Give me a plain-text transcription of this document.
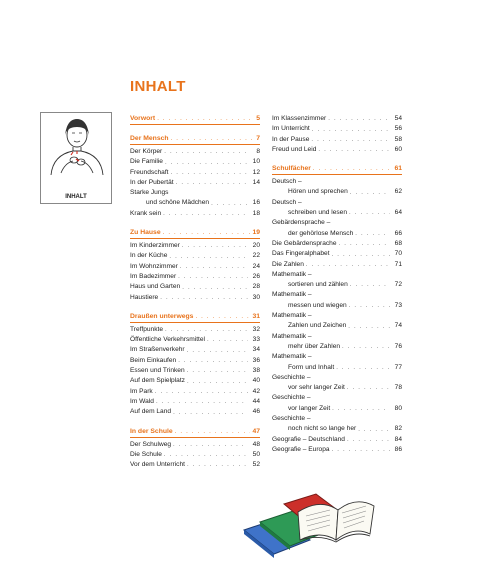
INHALT
INHALT
Vorwort . . .	5
Der Mensch . . .	7
Der Körper . . .	8
Die Familie . . .	10
Freundschaft . . .	12
In der Pubertät . . .	14
Starke Jungs
und schöne Mädchen . . .	16
Krank sein . . .	18
Zu Hause . . .	19
Im Kinderzimmer . . .	20
In der Küche . . .	22
Im Wohnzimmer . . .	24
Im Badezimmer . . .	26
Haus und Garten . . .	28
Haustiere . . .	30
Draußen unterwegs . . .	31
Treffpunkte . . .	32
Öffentliche Verkehrsmittel . . .	33
Im Straßenverkehr . . .	34
Beim Einkaufen . . .	36
Essen und Trinken . . .	38
Auf dem Spielplatz . . .	40
Im Park . . .	42
Im Wald . . .	44
Auf dem Land . . .	46
In der Schule . . .	47
Der Schulweg . . .	48
Die Schule . . .	50
Vor dem Unterricht . . .	52
Im Klassenzimmer . . .	54
Im Unterricht . . .	56
In der Pause . . .	58
Freud und Leid . . .	60
Schulfächer . . .	61
Deutsch –
Hören und sprechen . . .	62
Deutsch –
schreiben und lesen . . .	64
Gebärdensprache –
der gehörlose Mensch . . .	66
Die Gebärdensprache . . .	68
Das Fingeralphabet . . .	70
Die Zahlen . . .	71
Mathematik –
sortieren und zählen . . .	72
Mathematik –
messen und wiegen . . .	73
Mathematik –
Zahlen und Zeichen . . .	74
Mathematik –
mehr über Zahlen . . .	76
Mathematik –
Form und Inhalt . . .	77
Geschichte –
vor sehr langer Zeit . . .	78
Geschichte –
vor langer Zeit . . .	80
Geschichte –
noch nicht so lange her . . .	82
Geografie – Deutschland . . .	84
Geografie – Europa . . .	86
